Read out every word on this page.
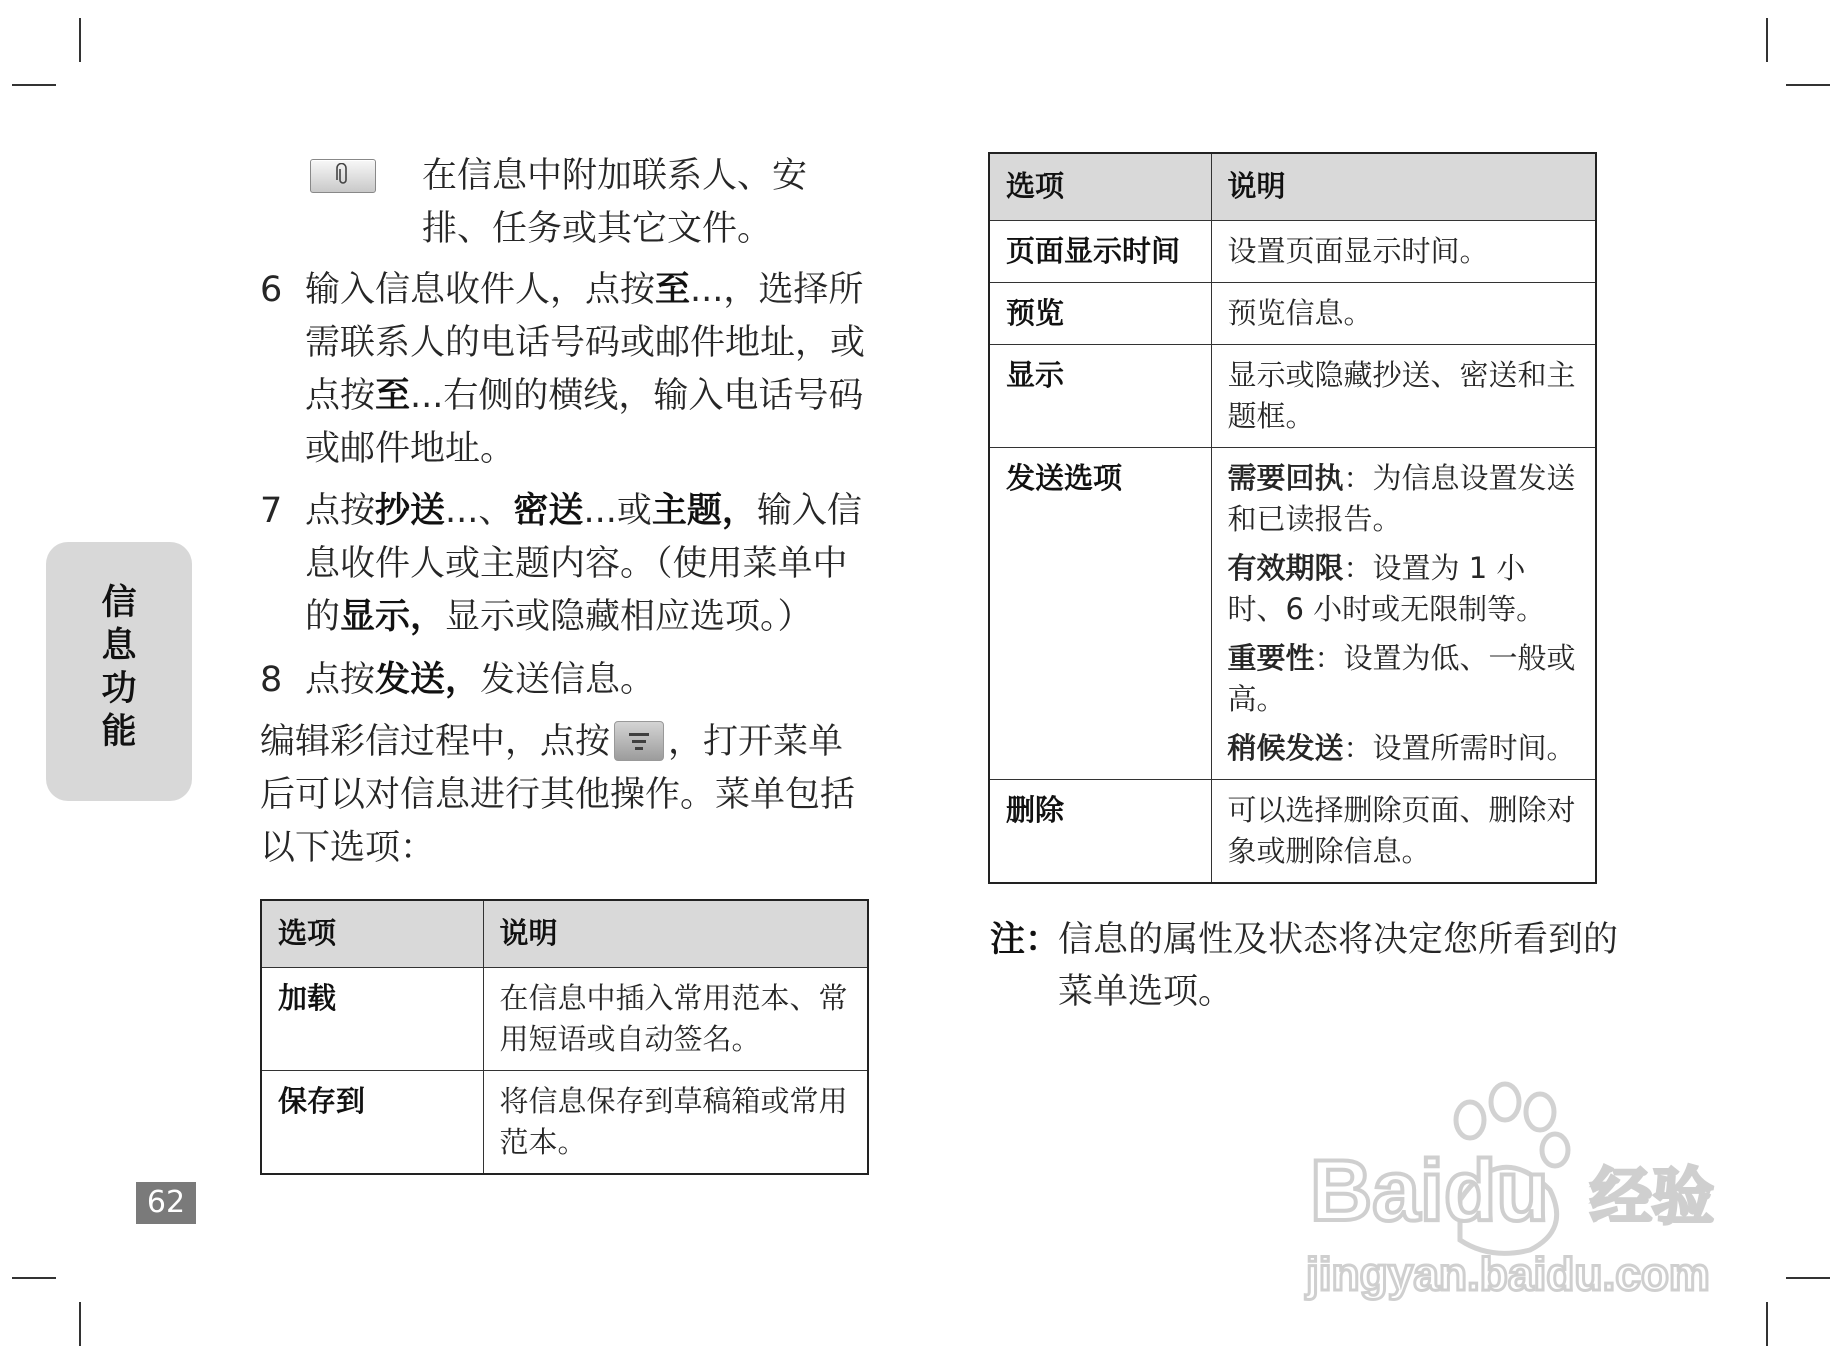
信
息
功
能
62
在信息中附加联系人、安排、任务或其它文件。
6 输入信息收件人，点按至...，选择所需联系人的电话号码或邮件地址，或点按至...右侧的横线，输入电话号码或邮件地址。
7 点按抄送...、密送...或主题，输入信息收件人或主题内容。（使用菜单中的显示，显示或隐藏相应选项。）
8 点按发送，发送信息。
编辑彩信过程中，点按 ，打开菜单后可以对信息进行其他操作。菜单包括以下选项：
选项	说明
加载	在信息中插入常用范本、常用短语或自动签名。

保存到	将信息保存到草稿箱或常用范本。
选项	说明
页面显示时间	设置页面显示时间。

预览	预览信息。

显示	显示或隐藏抄送、密送和主题框。

发送选项	需要回执：为信息设置发送和已读报告。
有效期限：设置为 1 小时、6 小时或无限制等。
重要性：设置为低、一般或高。
稍候发送：设置所需时间。

删除	可以选择删除页面、删除对象或删除信息。
注：
信息的属性及状态将决定您所看到的菜单选项。
Baidu 经验
jingyan.baidu.com
